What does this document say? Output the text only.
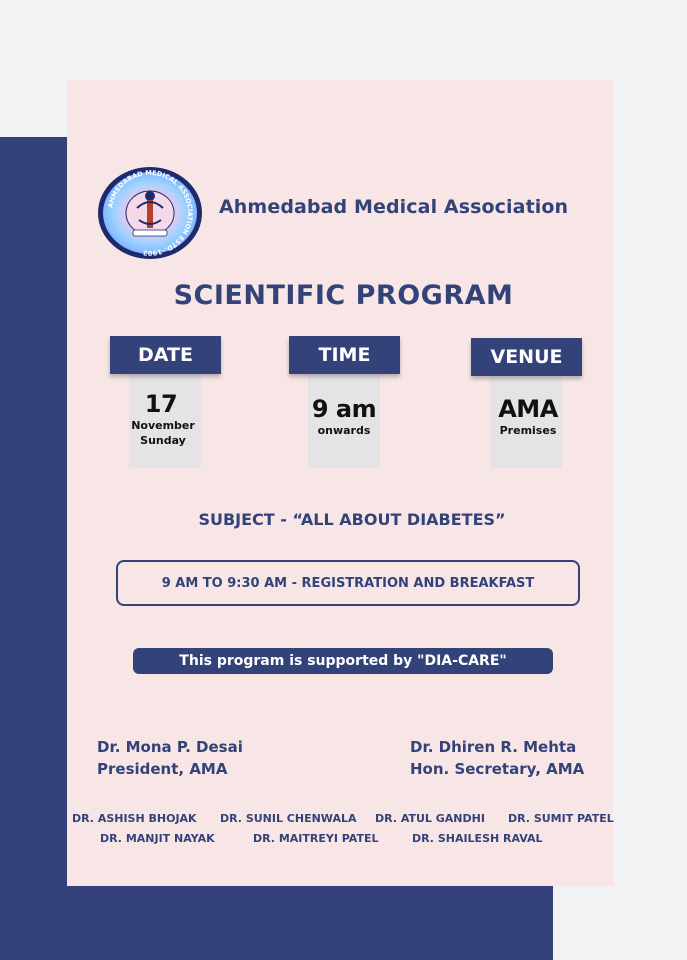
AHMEDABAD MEDICAL ASSOCIATION ESTD.-1902
Ahmedabad Medical Association
SCIENTIFIC PROGRAM
DATE
17
November
Sunday
TIME
9 am
onwards
VENUE
AMA
Premises
SUBJECT - “ALL ABOUT DIABETES”
9 AM TO 9:30 AM - REGISTRATION AND BREAKFAST
This program is supported by "DIA-CARE"
Dr. Mona P. Desai
President, AMA
Dr. Dhiren R. Mehta
Hon. Secretary, AMA
DR. ASHISH BHOJAK DR. SUNIL CHENWALA DR. ATUL GANDHI DR. SUMIT PATEL
DR. MANJIT NAYAK	DR. MAITREYI PATEL	DR. SHAILESH RAVAL
